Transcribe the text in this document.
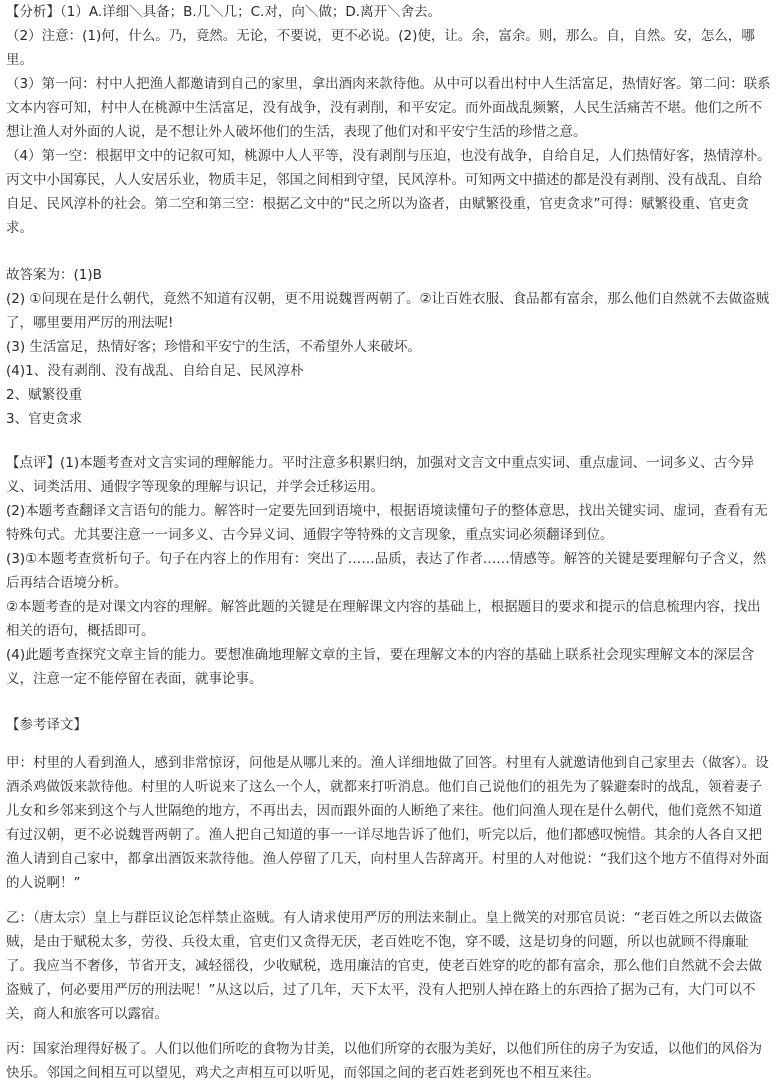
【分析】（1）A.详细＼具备；B.几＼几；C.对，向＼做；D.离开＼舍去。

（2）注意：(1)何，什么。乃，竟然。无论，不要说，更不必说。(2)使，让。余，富余。则，那么。自，自然。安，怎么，哪里。

（3）第一问：村中人把渔人都邀请到自己的家里，拿出酒肉来款待他。从中可以看出村中人生活富足，热情好客。第二问：联系文本内容可知，村中人在桃源中生活富足，没有战争，没有剥削，和平安定。而外面战乱频繁，人民生活痛苦不堪。他们之所不想让渔人对外面的人说，是不想让外人破坏他们的生活，表现了他们对和平安宁生活的珍惜之意。

（4）第一空：根据甲文中的记叙可知，桃源中人人平等，没有剥削与压迫，也没有战争，自给自足，人们热情好客，热情淳朴。丙文中小国寡民，人人安居乐业，物质丰足，邻国之间相到守望，民风淳朴。可知两文中描述的都是没有剥削、没有战乱、自给自足、民风淳朴的社会。第二空和第三空：根据乙文中的“民之所以为盗者，由赋繁役重，官吏贪求”可得：赋繁役重、官吏贪求。

故答案为：(1)B

(2) ①问现在是什么朝代，竟然不知道有汉朝，更不用说魏晋两朝了。②让百姓衣服、食品都有富余，那么他们自然就不去做盗贼了，哪里要用严厉的刑法呢!

(3) 生活富足，热情好客；珍惜和平安宁的生活，不希望外人来破坏。

(4)1、没有剥削、没有战乱、自给自足、民风淳朴

2、赋繁役重

3、官吏贪求

【点评】(1)本题考查对文言实词的理解能力。平时注意多积累归纳，加强对文言文中重点实词、重点虚词、一词多义、古今异义、词类活用、通假字等现象的理解与识记，并学会迁移运用。

(2)本题考查翻译文言语句的能力。解答时一定要先回到语境中，根据语境读懂句子的整体意思，找出关键实词、虚词，查看有无特殊句式。尤其要注意一一词多义、古今异义词、通假字等特殊的文言现象，重点实词必须翻译到位。

(3)①本题考查赏析句子。句子在内容上的作用有：突出了……品质，表达了作者……情感等。解答的关键是要理解句子含义，然后再结合语境分析。

②本题考查的是对课文内容的理解。解答此题的关键是在理解课文内容的基础上，根据题目的要求和提示的信息梳理内容，找出相关的语句，概括即可。

(4)此题考查探究文章主旨的能力。要想准确地理解文章的主旨，要在理解文本的内容的基础上联系社会现实理解文本的深层含义，注意一定不能停留在表面，就事论事。

【参考译文】

甲：村里的人看到渔人，感到非常惊讶，问他是从哪儿来的。渔人详细地做了回答。村里有人就邀请他到自己家里去（做客）。设酒杀鸡做饭来款待他。村里的人听说来了这么一个人，就都来打听消息。他们自己说他们的祖先为了躲避秦时的战乱，领着妻子儿女和乡邻来到这个与人世隔绝的地方，不再出去，因而跟外面的人断绝了来往。他们问渔人现在是什么朝代，他们竟然不知道有过汉朝，更不必说魏晋两朝了。渔人把自己知道的事一一详尽地告诉了他们，听完以后，他们都感叹惋惜。其余的人各自又把渔人请到自己家中，都拿出酒饭来款待他。渔人停留了几天，向村里人告辞离开。村里的人对他说：“我们这个地方不值得对外面的人说啊！”

乙：（唐太宗）皇上与群臣议论怎样禁止盗贼。有人请求使用严厉的刑法来制止。皇上微笑的对那官员说：“老百姓之所以去做盗贼，是由于赋税太多，劳役、兵役太重，官吏们又贪得无厌，老百姓吃不饱，穿不暖，这是切身的问题，所以也就顾不得廉耻了。我应当不奢侈，节省开支，减轻徭役，少收赋税，选用廉洁的官吏，使老百姓穿的吃的都有富余，那么他们自然就不会去做盗贼了，何必要用严厉的刑法呢！”从这以后，过了几年，天下太平，没有人把别人掉在路上的东西拾了据为己有，大门可以不关，商人和旅客可以露宿。

丙：国家治理得好极了。人们以他们所吃的食物为甘美，以他们所穿的衣服为美好，以他们所住的房子为安适，以他们的风俗为快乐。邻国之间相互可以望见，鸡犬之声相互可以听见，而邻国之间的老百姓老到死也不相互来往。
